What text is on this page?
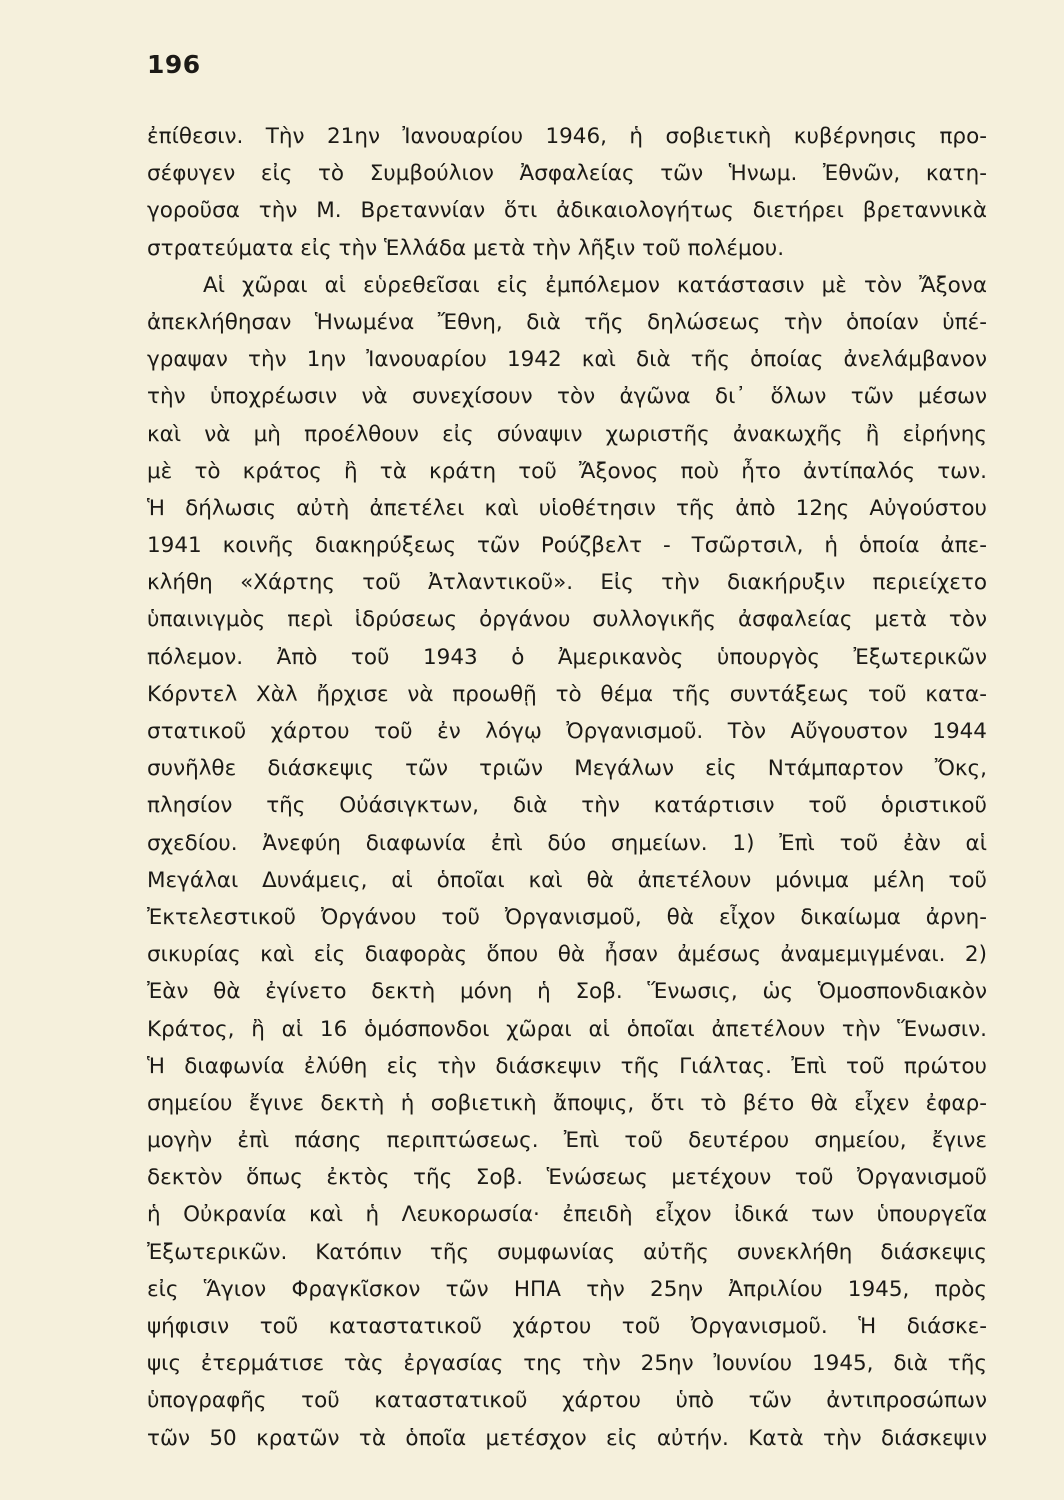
196
ἐπίθεσιν. Τὴν 21ην Ἰανουαρίου 1946, ἡ σοβιετικὴ κυβέρνησις προ-
σέφυγεν εἰς τὸ Συμβούλιον Ἀσφαλείας τῶν Ἡνωμ. Ἐθνῶν, κατη-
γοροῦσα τὴν Μ. Βρεταννίαν ὅτι ἀδικαιολογήτως διετήρει βρεταννικὰ
στρατεύματα εἰς τὴν Ἑλλάδα μετὰ τὴν λῆξιν τοῦ πολέμου.
Αἱ χῶραι αἱ εὑρεθεῖσαι εἰς ἐμπόλεμον κατάστασιν μὲ τὸν Ἄξονα
ἀπεκλήθησαν Ἡνωμένα Ἔθνη, διὰ τῆς δηλώσεως τὴν ὁποίαν ὑπέ-
γραψαν τὴν 1ην Ἰανουαρίου 1942 καὶ διὰ τῆς ὁποίας ἀνελάμβανον
τὴν ὑποχρέωσιν νὰ συνεχίσουν τὸν ἀγῶνα δι᾽ ὅλων τῶν μέσων
καὶ νὰ μὴ προέλθουν εἰς σύναψιν χωριστῆς ἀνακωχῆς ἢ εἰρήνης
μὲ τὸ κράτος ἢ τὰ κράτη τοῦ Ἄξονος ποὺ ἦτο ἀντίπαλός των.
Ἡ δήλωσις αὐτὴ ἀπετέλει καὶ υἱοθέτησιν τῆς ἀπὸ 12ης Αὐγούστου
1941 κοινῆς διακηρύξεως τῶν Ρούζβελτ - Τσῶρτσιλ, ἡ ὁποία ἀπε-
κλήθη «Χάρτης τοῦ Ἀτλαντικοῦ». Εἰς τὴν διακήρυξιν περιείχετο
ὑπαινιγμὸς περὶ ἱδρύσεως ὀργάνου συλλογικῆς ἀσφαλείας μετὰ τὸν
πόλεμον. Ἀπὸ τοῦ 1943 ὁ Ἀμερικανὸς ὑπουργὸς Ἐξωτερικῶν
Κόρντελ Χὰλ ἤρχισε νὰ προωθῇ τὸ θέμα τῆς συντάξεως τοῦ κατα-
στατικοῦ χάρτου τοῦ ἐν λόγῳ Ὀργανισμοῦ. Τὸν Αὔγουστον 1944
συνῆλθε διάσκεψις τῶν τριῶν Μεγάλων εἰς Ντάμπαρτον Ὄκς,
πλησίον τῆς Οὐάσιγκτων, διὰ τὴν κατάρτισιν τοῦ ὁριστικοῦ
σχεδίου. Ἀνεφύη διαφωνία ἐπὶ δύο σημείων. 1) Ἐπὶ τοῦ ἐὰν αἱ
Μεγάλαι Δυνάμεις, αἱ ὁποῖαι καὶ θὰ ἀπετέλουν μόνιμα μέλη τοῦ
Ἐκτελεστικοῦ Ὀργάνου τοῦ Ὀργανισμοῦ, θὰ εἶχον δικαίωμα ἀρνη-
σικυρίας καὶ εἰς διαφορὰς ὅπου θὰ ἦσαν ἀμέσως ἀναμεμιγμέναι. 2)
Ἐὰν θὰ ἐγίνετο δεκτὴ μόνη ἡ Σοβ. Ἕνωσις, ὡς Ὁμοσπονδιακὸν
Κράτος, ἢ αἱ 16 ὁμόσπονδοι χῶραι αἱ ὁποῖαι ἀπετέλουν τὴν Ἕνωσιν.
Ἡ διαφωνία ἐλύθη εἰς τὴν διάσκεψιν τῆς Γιάλτας. Ἐπὶ τοῦ πρώτου
σημείου ἔγινε δεκτὴ ἡ σοβιετικὴ ἄποψις, ὅτι τὸ βέτο θὰ εἶχεν ἐφαρ-
μογὴν ἐπὶ πάσης περιπτώσεως. Ἐπὶ τοῦ δευτέρου σημείου, ἔγινε
δεκτὸν ὅπως ἐκτὸς τῆς Σοβ. Ἑνώσεως μετέχουν τοῦ Ὀργανισμοῦ
ἡ Οὐκρανία καὶ ἡ Λευκορωσία· ἐπειδὴ εἶχον ἰδικά των ὑπουργεῖα
Ἐξωτερικῶν. Κατόπιν τῆς συμφωνίας αὐτῆς συνεκλήθη διάσκεψις
εἰς Ἅγιον Φραγκῖσκον τῶν ΗΠΑ τὴν 25ην Ἀπριλίου 1945, πρὸς
ψήφισιν τοῦ καταστατικοῦ χάρτου τοῦ Ὀργανισμοῦ. Ἡ διάσκε-
ψις ἐτερμάτισε τὰς ἐργασίας της τὴν 25ην Ἰουνίου 1945, διὰ τῆς
ὑπογραφῆς τοῦ καταστατικοῦ χάρτου ὑπὸ τῶν ἀντιπροσώπων
τῶν 50 κρατῶν τὰ ὁποῖα μετέσχον εἰς αὐτήν. Κατὰ τὴν διάσκεψιν
